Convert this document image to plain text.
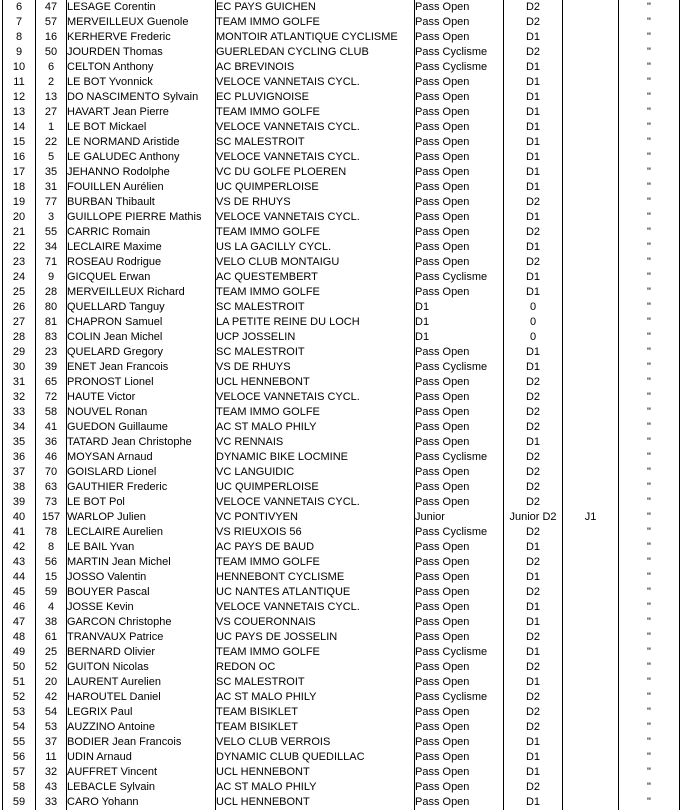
6	47	LESAGE Corentin	EC PAYS GUICHEN	Pass Open	D2		"
7	57	MERVEILLEUX Guenole	TEAM IMMO GOLFE	Pass Open	D2		"
8	16	KERHERVE Frederic	MONTOIR ATLANTIQUE CYCLISME	Pass Open	D1		"
9	50	JOURDEN Thomas	GUERLEDAN CYCLING CLUB	Pass Cyclisme	D2		"
10	6	CELTON Anthony	AC BREVINOIS	Pass Cyclisme	D1		"
11	2	LE BOT Yvonnick	VELOCE VANNETAIS CYCL.	Pass Open	D1		"
12	13	DO NASCIMENTO Sylvain	EC PLUVIGNOISE	Pass Open	D1		"
13	27	HAVART Jean Pierre	TEAM IMMO GOLFE	Pass Open	D1		"
14	1	LE BOT Mickael	VELOCE VANNETAIS CYCL.	Pass Open	D1		"
15	22	LE NORMAND Aristide	SC MALESTROIT	Pass Open	D1		"
16	5	LE GALUDEC Anthony	VELOCE VANNETAIS CYCL.	Pass Open	D1		"
17	35	JEHANNO Rodolphe	VC DU GOLFE PLOEREN	Pass Open	D1		"
18	31	FOUILLEN Aurélien	UC QUIMPERLOISE	Pass Open	D1		"
19	77	BURBAN Thibault	VS DE RHUYS	Pass Open	D2		"
20	3	GUILLOPE PIERRE Mathis	VELOCE VANNETAIS CYCL.	Pass Open	D1		"
21	55	CARRIC Romain	TEAM IMMO GOLFE	Pass Open	D2		"
22	34	LECLAIRE Maxime	US LA GACILLY CYCL.	Pass Open	D1		"
23	71	ROSEAU Rodrigue	VELO CLUB MONTAIGU	Pass Open	D2		"
24	9	GICQUEL Erwan	AC QUESTEMBERT	Pass Cyclisme	D1		"
25	28	MERVEILLEUX Richard	TEAM IMMO GOLFE	Pass Open	D1		"
26	80	QUELLARD Tanguy	SC MALESTROIT	D1	0		"
27	81	CHAPRON Samuel	LA PETITE REINE DU LOCH	D1	0		"
28	83	COLIN Jean Michel	UCP JOSSELIN	D1	0		"
29	23	QUELARD Gregory	SC MALESTROIT	Pass Open	D1		"
30	39	ENET Jean Francois	VS DE RHUYS	Pass Cyclisme	D1		"
31	65	PRONOST Lionel	UCL HENNEBONT	Pass Open	D2		"
32	72	HAUTE Victor	VELOCE VANNETAIS CYCL.	Pass Open	D2		"
33	58	NOUVEL Ronan	TEAM IMMO GOLFE	Pass Open	D2		"
34	41	GUEDON Guillaume	AC ST MALO PHILY	Pass Open	D2		"
35	36	TATARD Jean Christophe	VC RENNAIS	Pass Open	D1		"
36	46	MOYSAN Arnaud	DYNAMIC BIKE LOCMINE	Pass Cyclisme	D2		"
37	70	GOISLARD Lionel	VC LANGUIDIC	Pass Open	D2		"
38	63	GAUTHIER Frederic	UC QUIMPERLOISE	Pass Open	D2		"
39	73	LE BOT Pol	VELOCE VANNETAIS CYCL.	Pass Open	D2		"
40	157	WARLOP Julien	VC PONTIVYEN	Junior	Junior D2	J1	"
41	78	LECLAIRE Aurelien	VS RIEUXOIS 56	Pass Cyclisme	D2		"
42	8	LE BAIL Yvan	AC PAYS DE BAUD	Pass Open	D1		"
43	56	MARTIN Jean Michel	TEAM IMMO GOLFE	Pass Open	D2		"
44	15	JOSSO Valentin	HENNEBONT CYCLISME	Pass Open	D1		"
45	59	BOUYER Pascal	UC NANTES ATLANTIQUE	Pass Open	D2		"
46	4	JOSSE Kevin	VELOCE VANNETAIS CYCL.	Pass Open	D1		"
47	38	GARCON Christophe	VS COUERONNAIS	Pass Open	D1		"
48	61	TRANVAUX Patrice	UC PAYS DE JOSSELIN	Pass Open	D2		"
49	25	BERNARD Olivier	TEAM IMMO GOLFE	Pass Cyclisme	D1		"
50	52	GUITON Nicolas	REDON OC	Pass Open	D2		"
51	20	LAURENT Aurelien	SC MALESTROIT	Pass Open	D1		"
52	42	HAROUTEL Daniel	AC ST MALO PHILY	Pass Cyclisme	D2		"
53	54	LEGRIX Paul	TEAM BISIKLET	Pass Open	D2		"
54	53	AUZZINO Antoine	TEAM BISIKLET	Pass Open	D2		"
55	37	BODIER Jean Francois	VELO CLUB VERROIS	Pass Open	D1		"
56	11	UDIN Arnaud	DYNAMIC CLUB QUEDILLAC	Pass Open	D1		"
57	32	AUFFRET Vincent	UCL HENNEBONT	Pass Open	D1		"
58	43	LEBACLE Sylvain	AC ST MALO PHILY	Pass Open	D2		"
59	33	CARO Yohann	UCL HENNEBONT	Pass Open	D1		"
